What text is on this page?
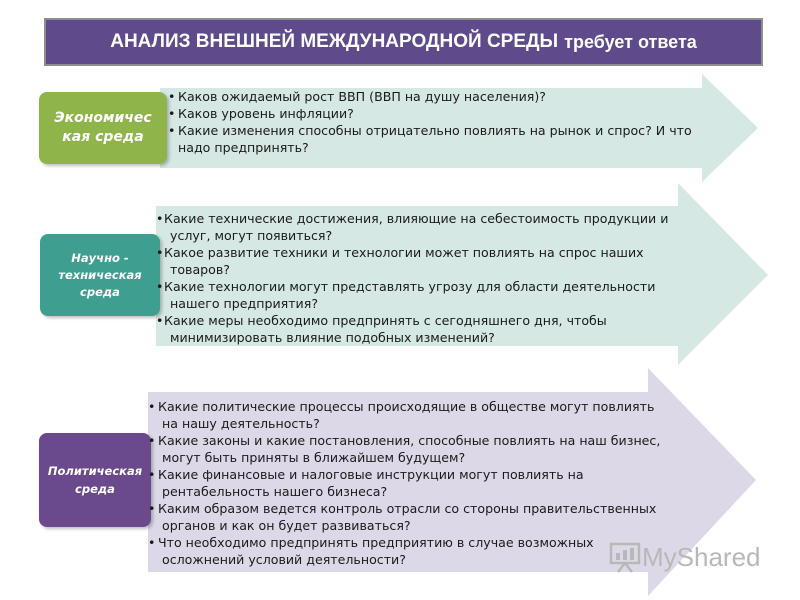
АНАЛИЗ ВНЕШНЕЙ МЕЖДУНАРОДНОЙ СРЕДЫ требует ответа
Экономичес кая среда
• Каков ожидаемый рост ВВП (ВВП на душу населения)?
• Каков уровень инфляции?
• Какие изменения способны отрицательно повлиять на рынок и спрос? И что надо предпринять?
Научно - техническая среда
• Какие технические достижения, влияющие на себестоимость продукции и услуг, могут появиться?
• Какое развитие техники и технологии может повлиять на спрос наших товаров?
• Какие технологии могут представлять угрозу для области деятельности нашего предприятия?
• Какие меры необходимо предпринять с сегодняшнего дня, чтобы минимизировать влияние подобных изменений?
Политическая среда
• Какие политические процессы происходящие в обществе могут повлиять на нашу деятельность?
• Какие законы и какие постановления, способные повлиять на наш бизнес, могут быть приняты в ближайшем будущем?
• Какие финансовые и налоговые инструкции могут повлиять на рентабельность нашего бизнеса?
• Каким образом ведется контроль отрасли со стороны правительственных органов и как он будет развиваться?
• Что необходимо предпринять предприятию в случае возможных осложнений условий деятельности?	MyShared
